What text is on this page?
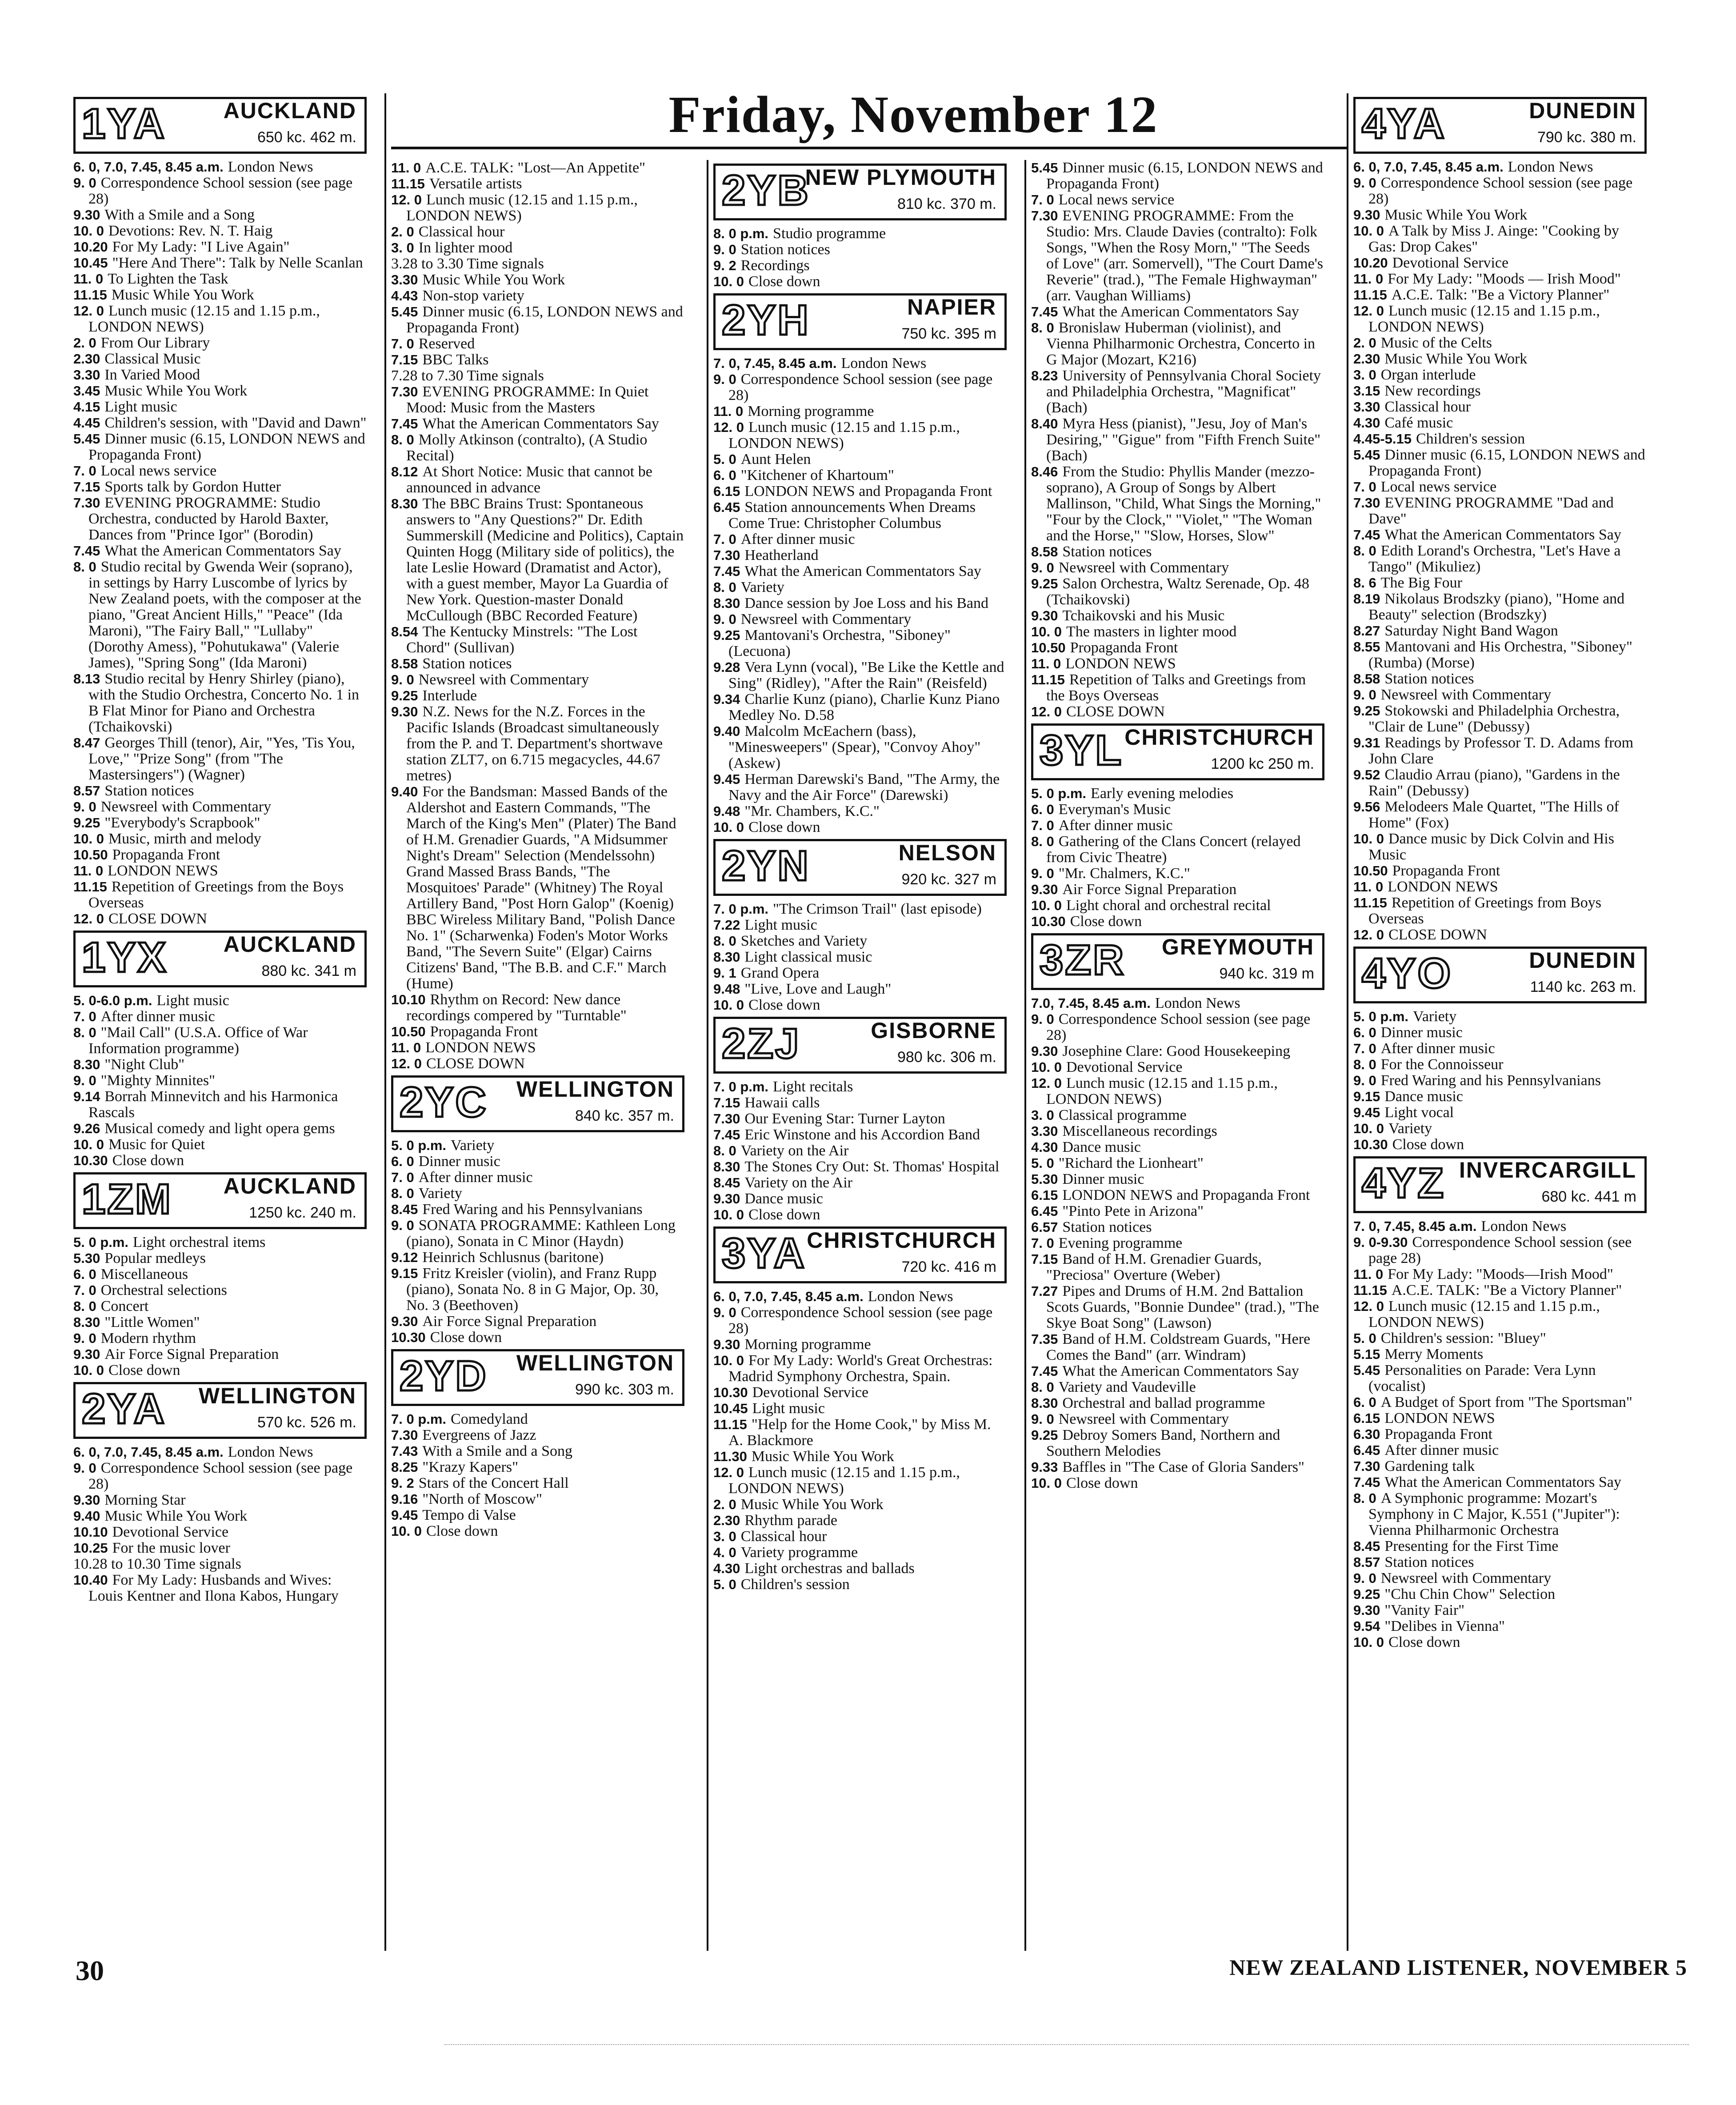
Friday, November 12
1YA	AUCKLAND
650 kc. 462 m.

6. 0, 7.0, 7.45, 8.45 a.m. London News

9. 0 Correspondence School session (see page 28)

9.30 With a Smile and a Song

10. 0 Devotions: Rev. N. T. Haig

10.20 For My Lady: "I Live Again"

10.45 "Here And There": Talk by Nelle Scanlan

11. 0 To Lighten the Task

11.15 Music While You Work

12. 0 Lunch music (12.15 and 1.15 p.m., LONDON NEWS)

2. 0 From Our Library

2.30 Classical Music

3.30 In Varied Mood

3.45 Music While You Work

4.15 Light music

4.45 Children's session, with "David and Dawn"

5.45 Dinner music (6.15, LONDON NEWS and Propaganda Front)

7. 0 Local news service

7.15 Sports talk by Gordon Hutter

7.30 EVENING PROGRAMME: Studio Orchestra, conducted by Harold Baxter, Dances from "Prince Igor" (Borodin)

7.45 What the American Commentators Say

8. 0 Studio recital by Gwenda Weir (soprano), in settings by Harry Luscombe of lyrics by New Zealand poets, with the composer at the piano, "Great Ancient Hills," "Peace" (Ida Maroni), "The Fairy Ball," "Lullaby" (Dorothy Amess), "Pohutukawa" (Valerie James), "Spring Song" (Ida Maroni)

8.13 Studio recital by Henry Shirley (piano), with the Studio Orchestra, Concerto No. 1 in B Flat Minor for Piano and Orchestra (Tchaikovski)

8.47 Georges Thill (tenor), Air, "Yes, 'Tis You, Love," "Prize Song" (from "The Mastersingers") (Wagner)

8.57 Station notices

9. 0 Newsreel with Commentary

9.25 "Everybody's Scrapbook"

10. 0 Music, mirth and melody

10.50 Propaganda Front

11. 0 LONDON NEWS

11.15 Repetition of Greetings from the Boys Overseas

12. 0 CLOSE DOWN

1YX	AUCKLAND
880 kc. 341 m

5. 0-6.0 p.m. Light music

7. 0 After dinner music

8. 0 "Mail Call" (U.S.A. Office of War Information programme)

8.30 "Night Club"

9. 0 "Mighty Minnites"

9.14 Borrah Minnevitch and his Harmonica Rascals

9.26 Musical comedy and light opera gems

10. 0 Music for Quiet

10.30 Close down

1ZM AUCKLAND
1250 kc. 240 m.

5. 0 p.m. Light orchestral items

5.30 Popular medleys

6. 0 Miscellaneous

7. 0 Orchestral selections

8. 0 Concert

8.30 "Little Women"

9. 0 Modern rhythm

9.30 Air Force Signal Preparation

10. 0 Close down

2YA WELLINGTON
570 kc. 526 m.

6. 0, 7.0, 7.45, 8.45 a.m. London News

9. 0 Correspondence School session (see page 28)

9.30 Morning Star

9.40 Music While You Work

10.10 Devotional Service

10.25 For the music lover

10.28 to 10.30 Time signals

10.40 For My Lady: Husbands and Wives: Louis Kentner and Ilona Kabos, Hungary

11. 0 A.C.E. TALK: "Lost—An Appetite"

11.15 Versatile artists

12. 0 Lunch music (12.15 and 1.15 p.m., LONDON NEWS)

2. 0 Classical hour

3. 0 In lighter mood

3.28 to 3.30 Time signals

3.30 Music While You Work

4.43 Non-stop variety

5.45 Dinner music (6.15, LONDON NEWS and Propaganda Front)

7. 0 Reserved

7.15 BBC Talks

7.28 to 7.30 Time signals

7.30 EVENING PROGRAMME: In Quiet Mood: Music from the Masters

7.45 What the American Commentators Say

8. 0 Molly Atkinson (contralto), (A Studio Recital)

8.12 At Short Notice: Music that cannot be announced in advance

8.30 The BBC Brains Trust: Spontaneous answers to "Any Questions?" Dr. Edith Summerskill (Medicine and Politics), Captain Quinten Hogg (Military side of politics), the late Leslie Howard (Dramatist and Actor), with a guest member, Mayor La Guardia of New York. Question-master Donald McCullough (BBC Recorded Feature)

8.54 The Kentucky Minstrels: "The Lost Chord" (Sullivan)

8.58 Station notices

9. 0 Newsreel with Commentary

9.25 Interlude

9.30 N.Z. News for the N.Z. Forces in the Pacific Islands (Broadcast simultaneously from the P. and T. Department's shortwave station ZLT7, on 6.715 megacycles, 44.67 metres)

9.40 For the Bandsman: Massed Bands of the Aldershot and Eastern Commands, "The March of the King's Men" (Plater) The Band of H.M. Grenadier Guards, "A Midsummer Night's Dream" Selection (Mendelssohn) Grand Massed Brass Bands, "The Mosquitoes' Parade" (Whitney) The Royal Artillery Band, "Post Horn Galop" (Koenig) BBC Wireless Military Band, "Polish Dance No. 1" (Scharwenka) Foden's Motor Works Band, "The Severn Suite" (Elgar) Cairns Citizens' Band, "The B.B. and C.F." March (Hume)

10.10 Rhythm on Record: New dance recordings compered by "Turntable"

10.50 Propaganda Front

11. 0 LONDON NEWS

12. 0 CLOSE DOWN

2YC WELLINGTON
840 kc. 357 m.

5. 0 p.m. Variety

6. 0 Dinner music

7. 0 After dinner music

8. 0 Variety

8.45 Fred Waring and his Pennsylvanians

9. 0 SONATA PROGRAMME: Kathleen Long (piano), Sonata in C Minor (Haydn)

9.12 Heinrich Schlusnus (baritone)

9.15 Fritz Kreisler (violin), and Franz Rupp (piano), Sonata No. 8 in G Major, Op. 30, No. 3 (Beethoven)

9.30 Air Force Signal Preparation

10.30 Close down

2YD WELLINGTON
990 kc. 303 m.

7. 0 p.m. Comedyland

7.30 Evergreens of Jazz

7.43 With a Smile and a Song

8.25 "Krazy Kapers"

9. 2 Stars of the Concert Hall

9.16 "North of Moscow"

9.45 Tempo di Valse

10. 0 Close down

2YB
NEW PLYMOUTH
810 kc. 370 m.

8. 0 p.m. Studio programme

9. 0 Station notices

9. 2 Recordings

10. 0 Close down

2YH	NAPIER
750 kc. 395 m

7. 0, 7.45, 8.45 a.m. London News

9. 0 Correspondence School session (see page 28)

11. 0 Morning programme

12. 0 Lunch music (12.15 and 1.15 p.m., LONDON NEWS)

5. 0 Aunt Helen

6. 0 "Kitchener of Khartoum"

6.15 LONDON NEWS and Propaganda Front

6.45 Station announcements When Dreams Come True: Christopher Columbus

7. 0 After dinner music

7.30 Heatherland

7.45 What the American Commentators Say

8. 0 Variety

8.30 Dance session by Joe Loss and his Band

9. 0 Newsreel with Commentary

9.25 Mantovani's Orchestra, "Siboney" (Lecuona)

9.28 Vera Lynn (vocal), "Be Like the Kettle and Sing" (Ridley), "After the Rain" (Reisfeld)

9.34 Charlie Kunz (piano), Charlie Kunz Piano Medley No. D.58

9.40 Malcolm McEachern (bass), "Minesweepers" (Spear), "Convoy Ahoy" (Askew)

9.45 Herman Darewski's Band, "The Army, the Navy and the Air Force" (Darewski)

9.48 "Mr. Chambers, K.C."

10. 0 Close down

2YN	NELSON
920 kc. 327 m

7. 0 p.m. "The Crimson Trail" (last episode)

7.22 Light music

8. 0 Sketches and Variety

8.30 Light classical music

9. 1 Grand Opera

9.48 "Live, Love and Laugh"

10. 0 Close down

2ZJ	GISBORNE
980 kc. 306 m.

7. 0 p.m. Light recitals

7.15 Hawaii calls

7.30 Our Evening Star: Turner Layton

7.45 Eric Winstone and his Accordion Band

8. 0 Variety on the Air

8.30 The Stones Cry Out: St. Thomas' Hospital

8.45 Variety on the Air

9.30 Dance music

10. 0 Close down

3YA CHRISTCHURCH
720 kc. 416 m

6. 0, 7.0, 7.45, 8.45 a.m. London News

9. 0 Correspondence School session (see page 28)

9.30 Morning programme

10. 0 For My Lady: World's Great Orchestras: Madrid Symphony Orchestra, Spain.

10.30 Devotional Service

10.45 Light music

11.15 "Help for the Home Cook," by Miss M. A. Blackmore

11.30 Music While You Work

12. 0 Lunch music (12.15 and 1.15 p.m., LONDON NEWS)

2. 0 Music While You Work

2.30 Rhythm parade

3. 0 Classical hour

4. 0 Variety programme

4.30 Light orchestras and ballads

5. 0 Children's session

5.45 Dinner music (6.15, LONDON NEWS and Propaganda Front)

7. 0 Local news service

7.30 EVENING PROGRAMME: From the Studio: Mrs. Claude Davies (contralto): Folk Songs, "When the Rosy Morn," "The Seeds of Love" (arr. Somervell), "The Court Dame's Reverie" (trad.), "The Female Highwayman" (arr. Vaughan Williams)

7.45 What the American Commentators Say

8. 0 Bronislaw Huberman (violinist), and Vienna Philharmonic Orchestra, Concerto in G Major (Mozart, K216)

8.23 University of Pennsylvania Choral Society and Philadelphia Orchestra, "Magnificat" (Bach)

8.40 Myra Hess (pianist), "Jesu, Joy of Man's Desiring," "Gigue" from "Fifth French Suite" (Bach)

8.46 From the Studio: Phyllis Mander (mezzo-soprano), A Group of Songs by Albert Mallinson, "Child, What Sings the Morning," "Four by the Clock," "Violet," "The Woman and the Horse," "Slow, Horses, Slow"

8.58 Station notices

9. 0 Newsreel with Commentary

9.25 Salon Orchestra, Waltz Serenade, Op. 48 (Tchaikovski)

9.30 Tchaikovski and his Music

10. 0 The masters in lighter mood

10.50 Propaganda Front

11. 0 LONDON NEWS

11.15 Repetition of Talks and Greetings from the Boys Overseas

12. 0 CLOSE DOWN

3YL CHRISTCHURCH
1200 kc 250 m.

5. 0 p.m. Early evening melodies

6. 0 Everyman's Music

7. 0 After dinner music

8. 0 Gathering of the Clans Concert (relayed from Civic Theatre)

9. 0 "Mr. Chalmers, K.C."

9.30 Air Force Signal Preparation

10. 0 Light choral and orchestral recital

10.30 Close down

3ZR GREYMOUTH
940 kc. 319 m

7.0, 7.45, 8.45 a.m. London News

9. 0 Correspondence School session (see page 28)

9.30 Josephine Clare: Good Housekeeping

10. 0 Devotional Service

12. 0 Lunch music (12.15 and 1.15 p.m., LONDON NEWS)

3. 0 Classical programme

3.30 Miscellaneous recordings

4.30 Dance music

5. 0 "Richard the Lionheart"

5.30 Dinner music

6.15 LONDON NEWS and Propaganda Front

6.45 "Pinto Pete in Arizona"

6.57 Station notices

7. 0 Evening programme

7.15 Band of H.M. Grenadier Guards, "Preciosa" Overture (Weber)

7.27 Pipes and Drums of H.M. 2nd Battalion Scots Guards, "Bonnie Dundee" (trad.), "The Skye Boat Song" (Lawson)

7.35 Band of H.M. Coldstream Guards, "Here Comes the Band" (arr. Windram)

7.45 What the American Commentators Say

8. 0 Variety and Vaudeville

8.30 Orchestral and ballad programme

9. 0 Newsreel with Commentary

9.25 Debroy Somers Band, Northern and Southern Melodies

9.33 Baffles in "The Case of Gloria Sanders"

10. 0 Close down

4YA	DUNEDIN
790 kc. 380 m.

6. 0, 7.0, 7.45, 8.45 a.m. London News

9. 0 Correspondence School session (see page 28)

9.30 Music While You Work

10. 0 A Talk by Miss J. Ainge: "Cooking by Gas: Drop Cakes"

10.20 Devotional Service

11. 0 For My Lady: "Moods — Irish Mood"

11.15 A.C.E. Talk: "Be a Victory Planner"

12. 0 Lunch music (12.15 and 1.15 p.m., LONDON NEWS)

2. 0 Music of the Celts

2.30 Music While You Work

3. 0 Organ interlude

3.15 New recordings

3.30 Classical hour

4.30 Café music

4.45-5.15 Children's session

5.45 Dinner music (6.15, LONDON NEWS and Propaganda Front)

7. 0 Local news service

7.30 EVENING PROGRAMME "Dad and Dave"

7.45 What the American Commentators Say

8. 0 Edith Lorand's Orchestra, "Let's Have a Tango" (Mikuliez)

8. 6 The Big Four

8.19 Nikolaus Brodszky (piano), "Home and Beauty" selection (Brodszky)

8.27 Saturday Night Band Wagon

8.55 Mantovani and His Orchestra, "Siboney" (Rumba) (Morse)

8.58 Station notices

9. 0 Newsreel with Commentary

9.25 Stokowski and Philadelphia Orchestra, "Clair de Lune" (Debussy)

9.31 Readings by Professor T. D. Adams from John Clare

9.52 Claudio Arrau (piano), "Gardens in the Rain" (Debussy)

9.56 Melodeers Male Quartet, "The Hills of Home" (Fox)

10. 0 Dance music by Dick Colvin and His Music

10.50 Propaganda Front

11. 0 LONDON NEWS

11.15 Repetition of Greetings from Boys Overseas

12. 0 CLOSE DOWN

4YO	DUNEDIN
1140 kc. 263 m.

5. 0 p.m. Variety

6. 0 Dinner music

7. 0 After dinner music

8. 0 For the Connoisseur

9. 0 Fred Waring and his Pennsylvanians

9.15 Dance music

9.45 Light vocal

10. 0 Variety

10.30 Close down

4YZ INVERCARGILL
680 kc. 441 m

7. 0, 7.45, 8.45 a.m. London News

9. 0-9.30 Correspondence School session (see page 28)

11. 0 For My Lady: "Moods—Irish Mood"

11.15 A.C.E. TALK: "Be a Victory Planner"

12. 0 Lunch music (12.15 and 1.15 p.m., LONDON NEWS)

5. 0 Children's session: "Bluey"

5.15 Merry Moments

5.45 Personalities on Parade: Vera Lynn (vocalist)

6. 0 A Budget of Sport from "The Sportsman"

6.15 LONDON NEWS

6.30 Propaganda Front

6.45 After dinner music

7.30 Gardening talk

7.45 What the American Commentators Say

8. 0 A Symphonic programme: Mozart's Symphony in C Major, K.551 ("Jupiter"): Vienna Philharmonic Orchestra

8.45 Presenting for the First Time

8.57 Station notices

9. 0 Newsreel with Commentary

9.25 "Chu Chin Chow" Selection

9.30 "Vanity Fair"

9.54 "Delibes in Vienna"

10. 0 Close down

30	NEW ZEALAND LISTENER, NOVEMBER 5
